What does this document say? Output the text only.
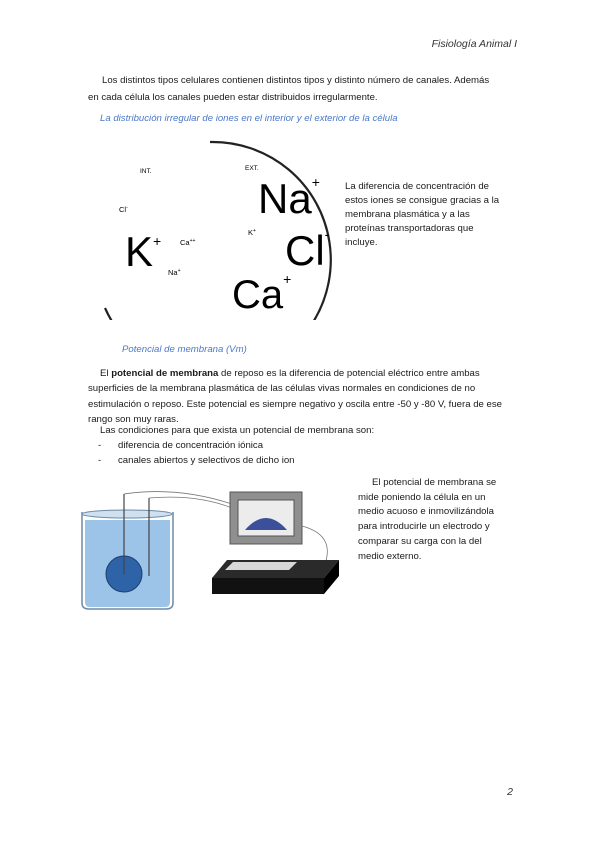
Fisiología Animal I
Los distintos tipos celulares contienen distintos tipos y distinto número de canales. Además
en cada célula los canales pueden estar distribuidos irregularmente.
La distribución irregular de iones en el interior y el exterior de la célula
INT.	EXT.
Cl-
K+	Ca++
Na+
Na+
K+ Cl-
Ca+
La diferencia de concentración de estos iones se consigue gracias a la membrana plasmática y a las proteínas transportadoras que incluye.
Potencial de membrana (Vm)
El potencial de membrana de reposo es la diferencia de potencial eléctrico entre ambas superficies de la membrana plasmática de las células vivas normales en condiciones de no estimulación o reposo. Este potencial es siempre negativo y oscila entre -50 y -80 V, fuera de ese rango son muy raras.
Las condiciones para que exista un potencial de membrana son:
-	diferencia de concentración iónica
-	canales abiertos y selectivos de dicho ion
El potencial de membrana se
mide poniendo la célula en un medio acuoso e inmovilizándola para introducirle un electrodo y comparar su carga con la del medio externo.
2
